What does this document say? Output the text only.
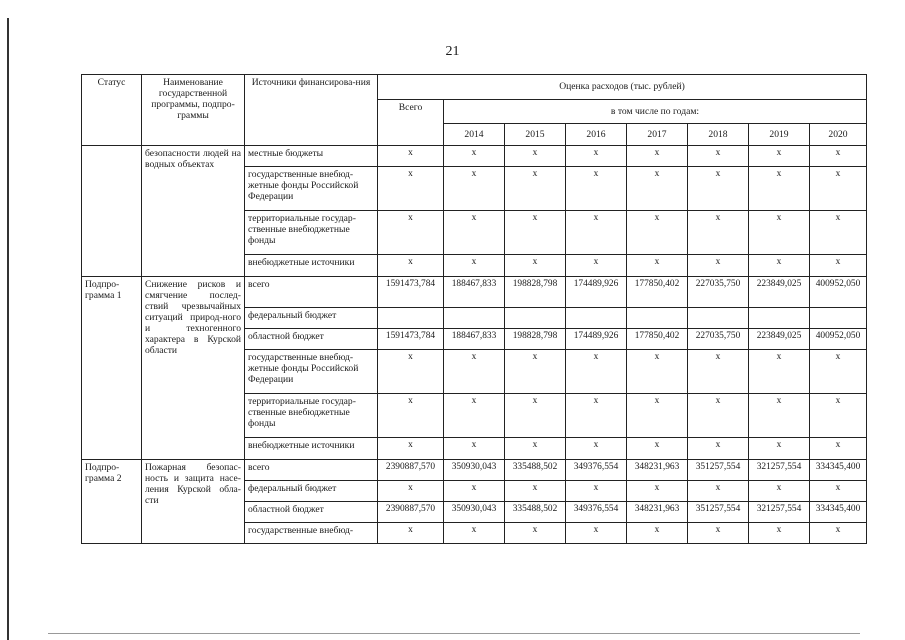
21
Статус	Наименование государственной программы, подпро-граммы	Источники финансирова-ния	Оценка расходов (тыс. рублей)							
			Всего	в том числе по годам:						
				2014	2015	2016	2017	2018	2019	2020
	безопасности людей на водных объектах	местные бюджеты	x	x	x	x	x	x	x	x
		государственные внебюд-жетные фонды Российской Федерации	x	x	x	x	x	x	x	x
		территориальные государ-ственные внебюджетные фонды	x	x	x	x	x	x	x	x
		внебюджетные источники	x	x	x	x	x	x	x	x
Подпро-грамма 1	Снижение рисков и смягчение послед-ствий чрезвычайных ситуаций природ-ного и техногенного характера в Курской области	всего	1591473,784	188467,833	198828,798	174489,926	177850,402	227035,750	223849,025	400952,050
		федеральный бюджет								
		областной бюджет	1591473,784	188467,833	198828,798	174489,926	177850,402	227035,750	223849,025	400952,050
		государственные внебюд-жетные фонды Российской Федерации	x	x	x	x	x	x	x	x
		территориальные государ-ственные внебюджетные фонды	x	x	x	x	x	x	x	x
		внебюджетные источники	x	x	x	x	x	x	x	x
Подпро-грамма 2	Пожарная безопас-ность и защита насе-ления Курской обла-сти	всего	2390887,570	350930,043	335488,502	349376,554	348231,963	351257,554	321257,554	334345,400
		федеральный бюджет	x	x	x	x	x	x	x	x
		областной бюджет	2390887,570	350930,043	335488,502	349376,554	348231,963	351257,554	321257,554	334345,400
		государственные внебюд-	x	x	x	x	x	x	x	x
